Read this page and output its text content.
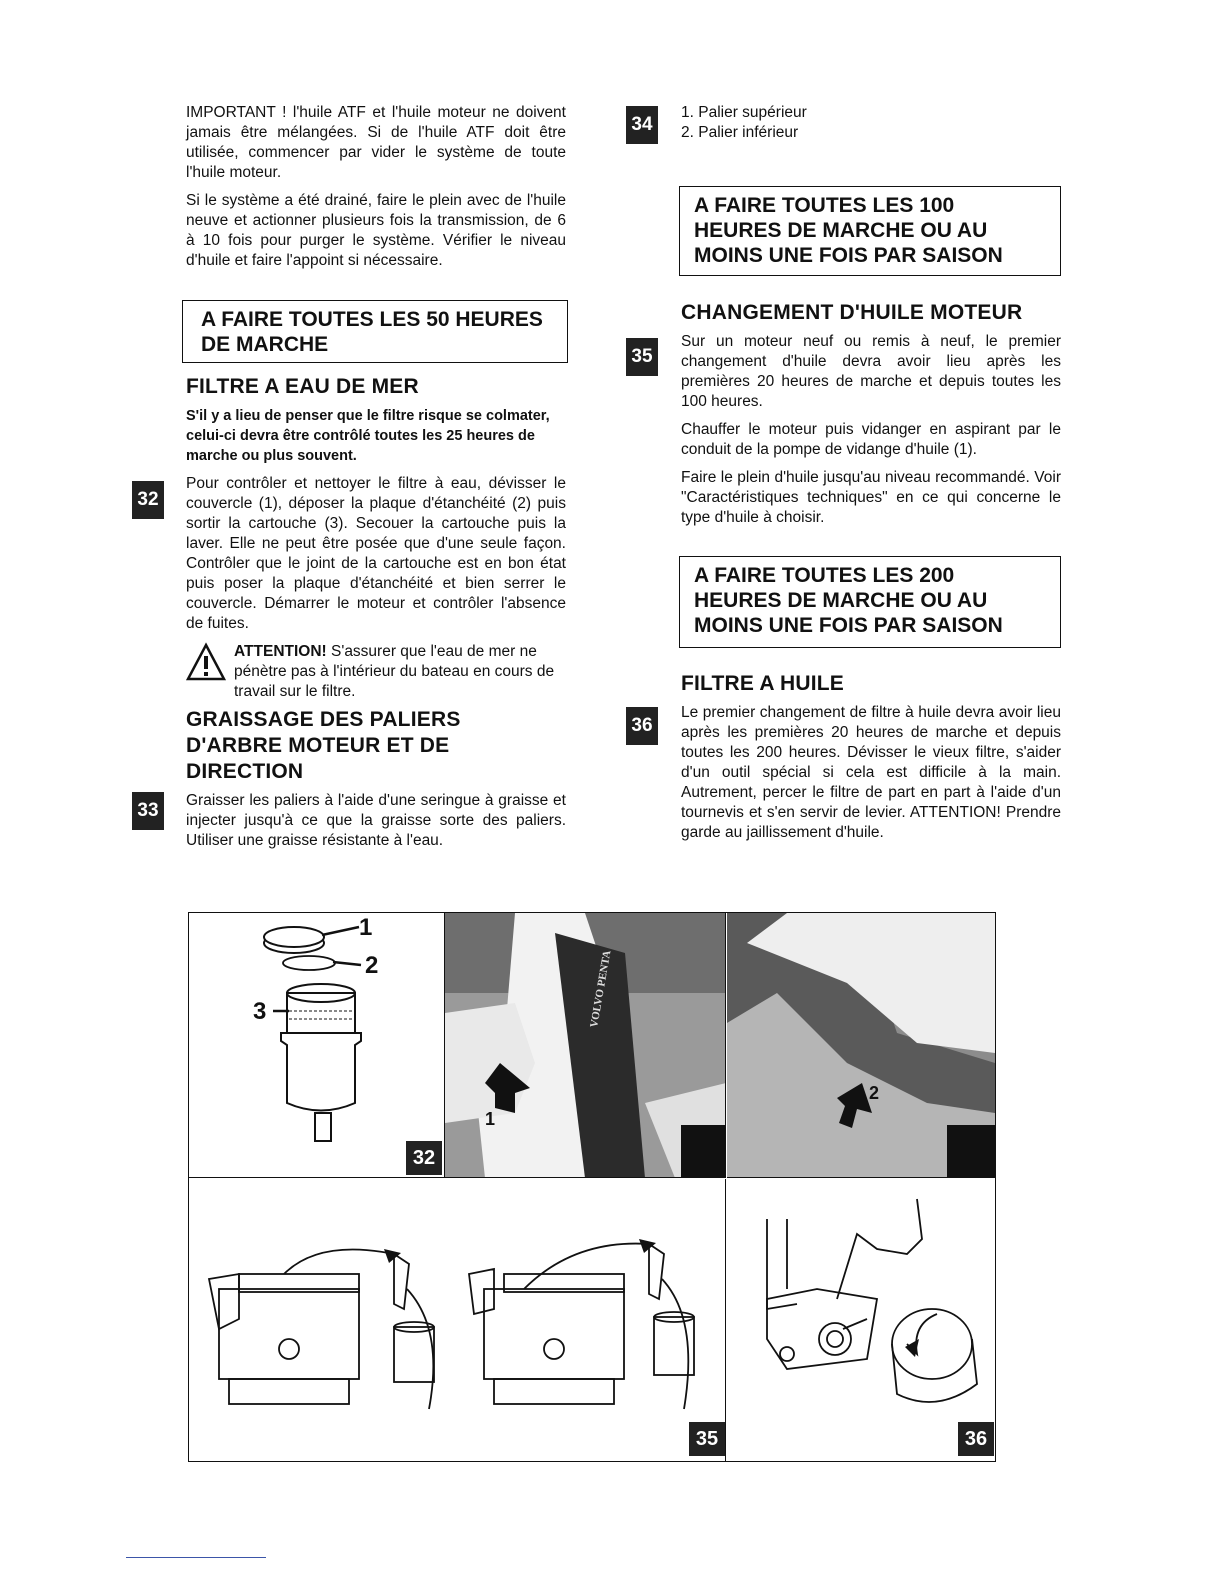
IMPORTANT ! l'huile ATF et l'huile moteur ne doivent jamais être mélangées. Si de l'huile ATF doit être utilisée, commencer par vider le système de toute l'huile moteur.

Si le système a été drainé, faire le plein avec de l'huile neuve et actionner plusieurs fois la transmission, de 6 à 10 fois pour purger le système. Vérifier le niveau d'huile et faire l'appoint si nécessaire.

A FAIRE TOUTES LES 50 HEURES DE MARCHE
FILTRE A EAU DE MER

S'il y a lieu de penser que le filtre risque se colmater, celui-ci devra être contrôlé toutes les 25 heures de marche ou plus souvent.

Pour contrôler et nettoyer le filtre à eau, dévisser le couvercle (1), déposer la plaque d'étanchéité (2) puis sortir la cartouche (3). Secouer la cartouche puis la laver. Elle ne peut être posée que d'une seule façon. Contrôler que le joint de la cartouche est en bon état puis poser la plaque d'étanchéité et bien serrer le couvercle. Démarrer le moteur et contrôler l'absence de fuites.

ATTENTION! S'assurer que l'eau de mer ne pénètre pas à l'intérieur du bateau en cours de travail sur le filtre.

32
GRAISSAGE DES PALIERS D'ARBRE MOTEUR ET DE DIRECTION

Graisser les paliers à l'aide d'une seringue à graisse et injecter jusqu'à ce que la graisse sorte des paliers. Utiliser une graisse résistante à l'eau.

33
34
1. Palier supérieur
2. Palier inférieur
A FAIRE TOUTES LES 100 HEURES DE MARCHE OU AU MOINS UNE FOIS PAR SAISON
CHANGEMENT D'HUILE MOTEUR

Sur un moteur neuf ou remis à neuf, le premier changement d'huile devra avoir lieu après les premières 20 heures de marche et depuis toutes les 100 heures.

Chauffer le moteur puis vidanger en aspirant par le conduit de la pompe de vidange d'huile (1).

Faire le plein d'huile jusqu'au niveau recommandé. Voir "Caractéristiques techniques" en ce qui concerne le type d'huile à choisir.

35
A FAIRE TOUTES LES 200 HEURES DE MARCHE OU AU MOINS UNE FOIS PAR SAISON
FILTRE A HUILE

Le premier changement de filtre à huile devra avoir lieu après les premières 20 heures de marche et depuis toutes les 200 heures. Dévisser le vieux filtre, s'aider d'un outil spécial si cela est difficile à la main. Autrement, percer le filtre de part en part à l'aide d'un tournevis et s'en servir de levier. ATTENTION! Prendre garde au jaillissement d'huile.

36
1
2
3
32
VOLVO PENTA
1
2
35	36
